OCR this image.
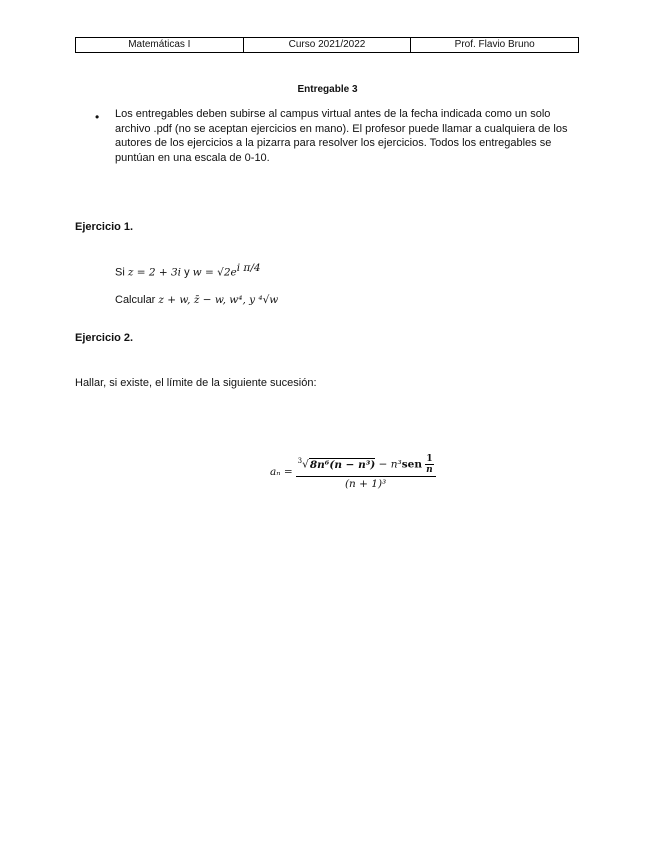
Matemáticas I	Curso 2021/2022	Prof. Flavio Bruno
Entregable 3
• Los entregables deben subirse al campus virtual antes de la fecha indicada como un solo archivo .pdf (no se aceptan ejercicios en mano). El profesor puede llamar a cualquiera de los autores de los ejercicios a la pizarra para resolver los ejercicios. Todos los entregables se puntúan en una escala de 0-10.
Ejercicio 1.
Si z = 2 + 3i y $w = √2e^{i \pi/4}$
Calcular z + w, z̄ − w, w⁴, y ⁴√w
Ejercicio 2.
Hallar, si existe, el límite de la siguiente sucesión:
aₙ =
$^3√8n^6(n - n^3) - n^3sen \frac{1}{n}$
(n + 1)³
